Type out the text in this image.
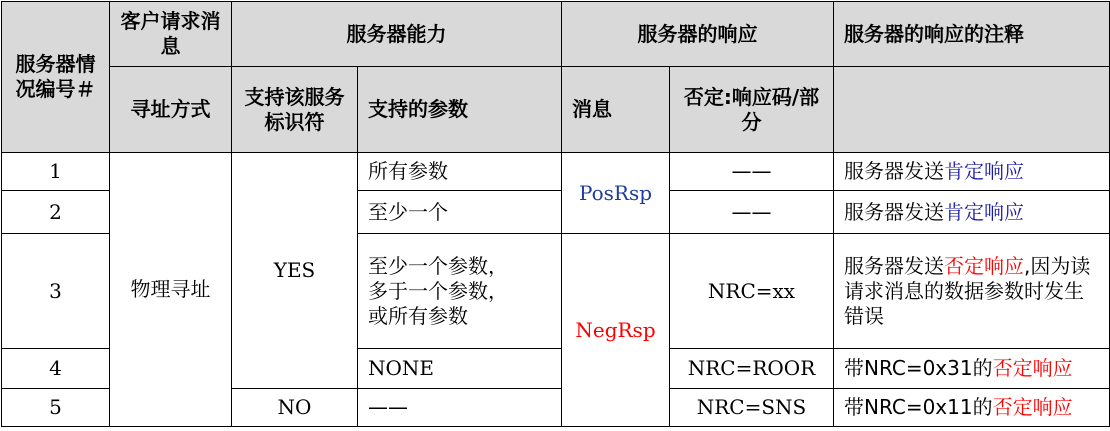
服务器情况编号＃	客户请求消息	服务器能力		服务器的响应		服务器的响应的注释
	寻址方式	支持该服务标识符	支持的参数	消息	否定:响应码/部分	
1	物理寻址	YES	所有参数	PosRsp	——	服务器发送肯定响应
2			至少一个		——	服务器发送肯定响应
3			至少一个参数，
多于一个参数，
或所有参数	NegRsp	NRC=xx	服务器发送否定响应,因为读请求消息的数据参数时发生错误
4			NONE		NRC=ROOR	带NRC=0x31的否定响应
5		NO	——		NRC=SNS	带NRC=0x11的否定响应
